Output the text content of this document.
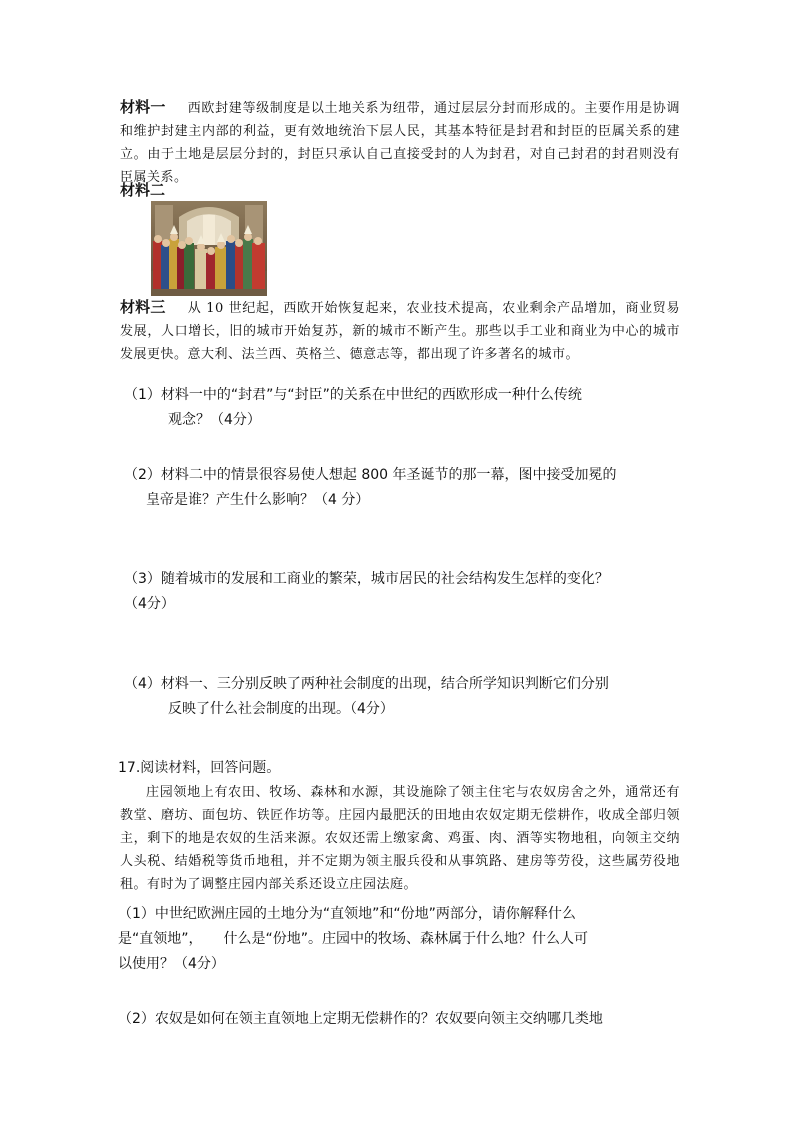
材料一 西欧封建等级制度是以土地关系为纽带，通过层层分封而形成的。主要作用是协调和维护封建主内部的利益，更有效地统治下层人民，其基本特征是封君和封臣的臣属关系的建立。由于土地是层层分封的，封臣只承认自己直接受封的人为封君，对自己封君的封君则没有臣属关系。

材料二

材料三 从 10 世纪起，西欧开始恢复起来，农业技术提高，农业剩余产品增加，商业贸易发展，人口增长，旧的城市开始复苏，新的城市不断产生。那些以手工业和商业为中心的城市发展更快。意大利、法兰西、英格兰、德意志等，都出现了许多著名的城市。

（1）材料一中的“封君”与“封臣”的关系在中世纪的西欧形成一种什么传统

观念？（4分）

（2）材料二中的情景很容易使人想起 800 年圣诞节的那一幕，图中接受加冕的

皇帝是谁？产生什么影响？（4 分）

（3）随着城市的发展和工商业的繁荣，城市居民的社会结构发生怎样的变化？

（4分）

（4）材料一、三分别反映了两种社会制度的出现，结合所学知识判断它们分别

反映了什么社会制度的出现。（4分）

17.阅读材料，回答问题。

庄园领地上有农田、牧场、森林和水源，其设施除了领主住宅与农奴房舍之外，通常还有教堂、磨坊、面包坊、铁匠作坊等。庄园内最肥沃的田地由农奴定期无偿耕作，收成全部归领主，剩下的地是农奴的生活来源。农奴还需上缴家禽、鸡蛋、肉、酒等实物地租，向领主交纳人头税、结婚税等货币地租，并不定期为领主服兵役和从事筑路、建房等劳役，这些属劳役地租。有时为了调整庄园内部关系还设立庄园法庭。

（1）中世纪欧洲庄园的土地分为“直领地”和“份地”两部分，请你解释什么

是“直领地”，　　什么是“份地”。庄园中的牧场、森林属于什么地？什么人可

以使用？（4分）

（2）农奴是如何在领主直领地上定期无偿耕作的？农奴要向领主交纳哪几类地
